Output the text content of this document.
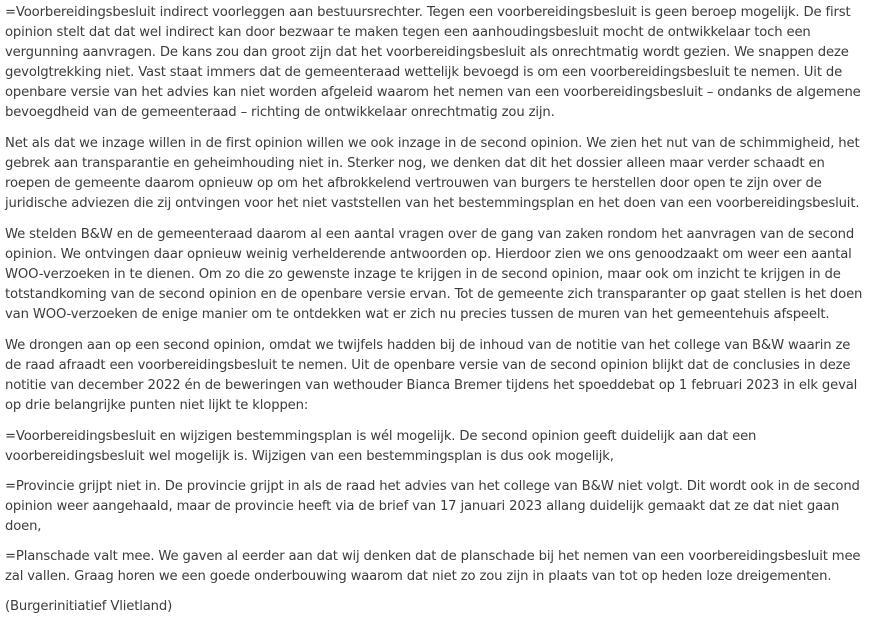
=Voorbereidingsbesluit indirect voorleggen aan bestuursrechter. Tegen een voorbereidingsbesluit is geen beroep mogelijk. De first opinion stelt dat dat wel indirect kan door bezwaar te maken tegen een aanhoudingsbesluit mocht de ontwikkelaar toch een vergunning aanvragen. De kans zou dan groot zijn dat het voorbereidingsbesluit als onrechtmatig wordt gezien. We snappen deze gevolgtrekking niet. Vast staat immers dat de gemeenteraad wettelijk bevoegd is om een voorbereidingsbesluit te nemen. Uit de openbare versie van het advies kan niet worden afgeleid waarom het nemen van een voorbereidingsbesluit – ondanks de algemene bevoegdheid van de gemeenteraad – richting de ontwikkelaar onrechtmatig zou zijn.

Net als dat we inzage willen in de first opinion willen we ook inzage in de second opinion. We zien het nut van de schimmigheid, het gebrek aan transparantie en geheimhouding niet in. Sterker nog, we denken dat dit het dossier alleen maar verder schaadt en roepen de gemeente daarom opnieuw op om het afbrokkelend vertrouwen van burgers te herstellen door open te zijn over de juridische adviezen die zij ontvingen voor het niet vaststellen van het bestemmingsplan en het doen van een voorbereidingsbesluit.

We stelden B&W en de gemeenteraad daarom al een aantal vragen over de gang van zaken rondom het aanvragen van de second opinion. We ontvingen daar opnieuw weinig verhelderende antwoorden op. Hierdoor zien we ons genoodzaakt om weer een aantal WOO-verzoeken in te dienen. Om zo die zo gewenste inzage te krijgen in de second opinion, maar ook om inzicht te krijgen in de totstandkoming van de second opinion en de openbare versie ervan. Tot de gemeente zich transparanter op gaat stellen is het doen van WOO-verzoeken de enige manier om te ontdekken wat er zich nu precies tussen de muren van het gemeentehuis afspeelt.

We drongen aan op een second opinion, omdat we twijfels hadden bij de inhoud van de notitie van het college van B&W waarin ze de raad afraadt een voorbereidingsbesluit te nemen. Uit de openbare versie van de second opinion blijkt dat de conclusies in deze notitie van december 2022 én de beweringen van wethouder Bianca Bremer tijdens het spoeddebat op 1 februari 2023 in elk geval op drie belangrijke punten niet lijkt te kloppen:

=Voorbereidingsbesluit en wijzigen bestemmingsplan is wél mogelijk. De second opinion geeft duidelijk aan dat een voorbereidingsbesluit wel mogelijk is. Wijzigen van een bestemmingsplan is dus ook mogelijk,

=Provincie grijpt niet in. De provincie grijpt in als de raad het advies van het college van B&W niet volgt. Dit wordt ook in de second opinion weer aangehaald, maar de provincie heeft via de brief van 17 januari 2023 allang duidelijk gemaakt dat ze dat niet gaan doen,

=Planschade valt mee. We gaven al eerder aan dat wij denken dat de planschade bij het nemen van een voorbereidingsbesluit mee zal vallen. Graag horen we een goede onderbouwing waarom dat niet zo zou zijn in plaats van tot op heden loze dreigementen.

(Burgerinitiatief Vlietland)
